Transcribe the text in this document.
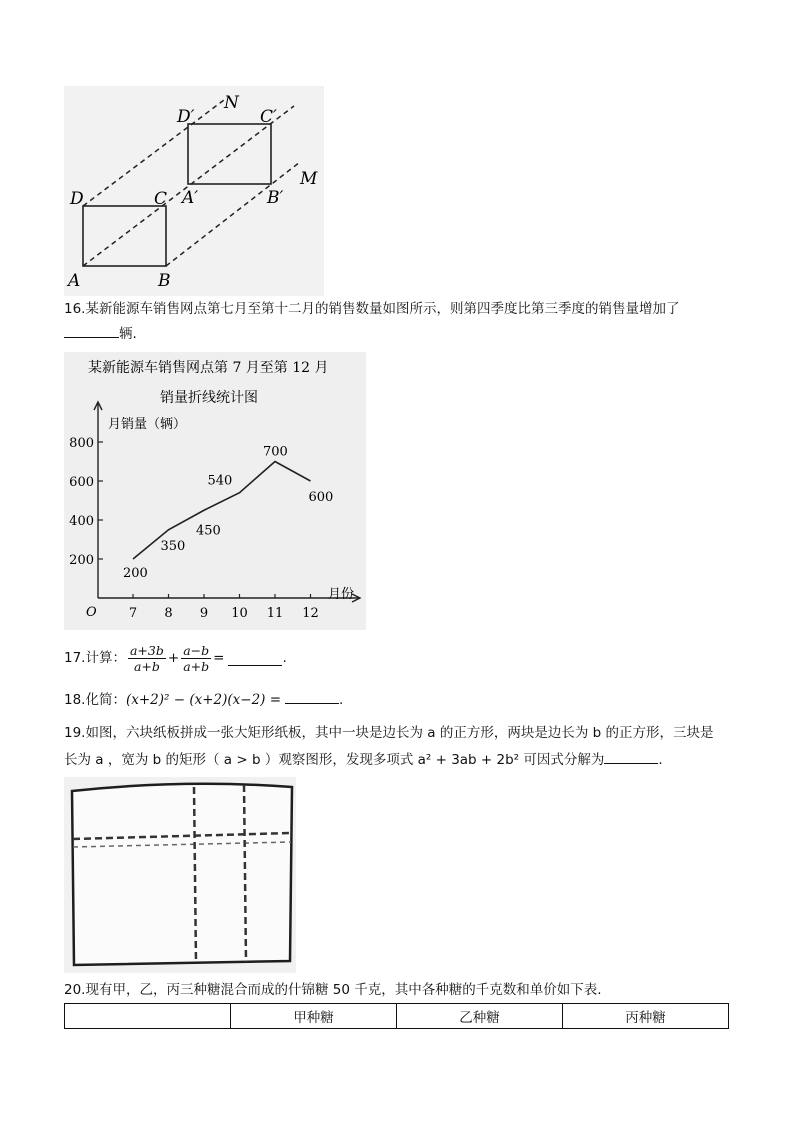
D′
N
C′
A′	B′
M
D	C
A	B
16.某新能源车销售网点第七月至第十二月的销售数量如图所示，则第四季度比第三季度的销售量增加了
辆.
某新能源车销售网点第 7 月至第 12 月
销量折线统计图
月销量（辆）
月份
O
200
400
600
800
7 8 9 10 11 12
200
350
450
540
700
600
17.计算： $\frac{a+3b}{a+b} + \frac{a-b}{a+b}$ =	.
18.化简：(x+2)² − (x+2)(x−2) =	.
19.如图，六块纸板拼成一张大矩形纸板，其中一块是边长为 a 的正方形，两块是边长为 b 的正方形，三块是
长为 a ，宽为 b 的矩形（ a > b ）观察图形，发现多项式 a² + 3ab + 2b² 可因式分解为	.
20.现有甲，乙，丙三种糖混合而成的什锦糖 50 千克，其中各种糖的千克数和单价如下表.
	甲种糖	乙种糖	丙种糖
